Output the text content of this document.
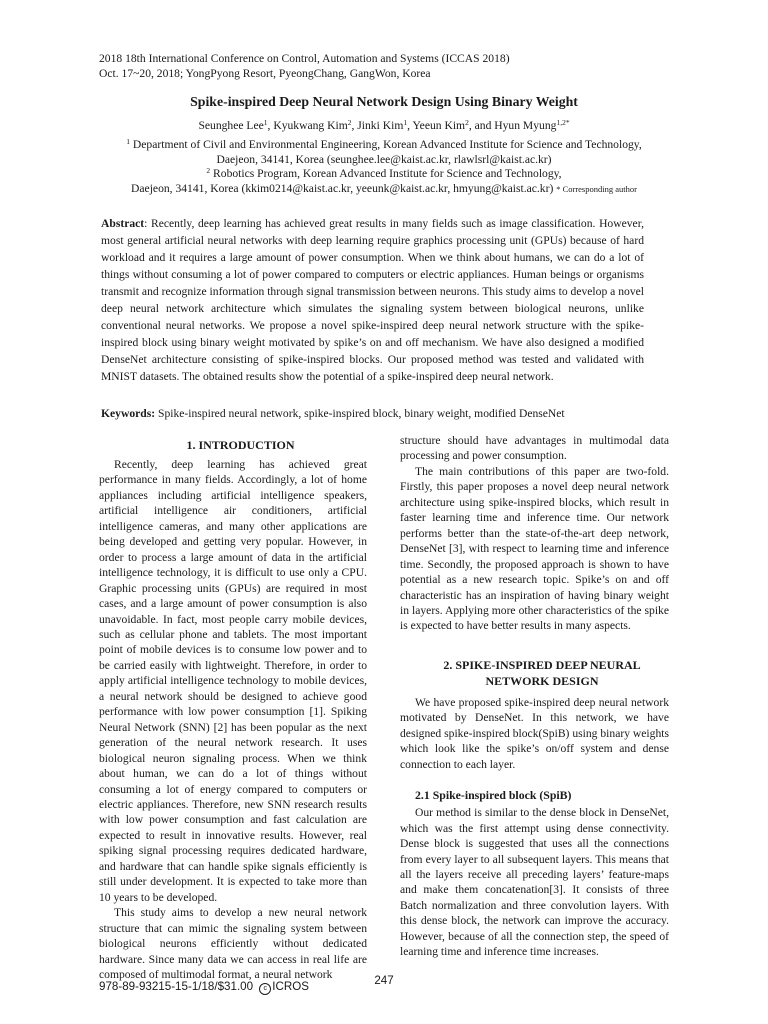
2018 18th International Conference on Control, Automation and Systems (ICCAS 2018)
Oct. 17~20, 2018; YongPyong Resort, PyeongChang, GangWon, Korea
Spike-inspired Deep Neural Network Design Using Binary Weight
Seunghee Lee$^1$, Kyukwang Kim$^2$, Jinki Kim$^1$, Yeeun Kim$^2$, and Hyun Myung$^{1,2*}$
$^1$ Department of Civil and Environmental Engineering, Korean Advanced Institute for Science and Technology,
Daejeon, 34141, Korea (seunghee.lee@kaist.ac.kr, rlawlsrl@kaist.ac.kr)
$^2$ Robotics Program, Korean Advanced Institute for Science and Technology,
Daejeon, 34141, Korea (kkim0214@kaist.ac.kr, yeeunk@kaist.ac.kr, hmyung@kaist.ac.kr) * Corresponding author
Abstract: Recently, deep learning has achieved great results in many fields such as image classification. However, most general artificial neural networks with deep learning require graphics processing unit (GPUs) because of hard workload and it requires a large amount of power consumption. When we think about humans, we can do a lot of things without consuming a lot of power compared to computers or electric appliances. Human beings or organisms transmit and recognize information through signal transmission between neurons. This study aims to develop a novel deep neural network architecture which simulates the signaling system between biological neurons, unlike conventional neural networks. We propose a novel spike-inspired deep neural network structure with the spike-inspired block using binary weight motivated by spike’s on and off mechanism. We have also designed a modified DenseNet architecture consisting of spike-inspired blocks. Our proposed method was tested and validated with MNIST datasets. The obtained results show the potential of a spike-inspired deep neural network.
Keywords: Spike-inspired neural network, spike-inspired block, binary weight, modified DenseNet

1. INTRODUCTION

Recently, deep learning has achieved great performance in many fields. Accordingly, a lot of home appliances including artificial intelligence speakers, artificial intelligence air conditioners, artificial intelligence cameras, and many other applications are being developed and getting very popular. However, in order to process a large amount of data in the artificial intelligence technology, it is difficult to use only a CPU. Graphic processing units (GPUs) are required in most cases, and a large amount of power consumption is also unavoidable. In fact, most people carry mobile devices, such as cellular phone and tablets. The most important point of mobile devices is to consume low power and to be carried easily with lightweight. Therefore, in order to apply artificial intelligence technology to mobile devices, a neural network should be designed to achieve good performance with low power consumption [1]. Spiking Neural Network (SNN) [2] has been popular as the next generation of the neural network research. It uses biological neuron signaling process. When we think about human, we can do a lot of things without consuming a lot of energy compared to computers or electric appliances. Therefore, new SNN research results with low power consumption and fast calculation are expected to result in innovative results. However, real spiking signal processing requires dedicated hardware, and hardware that can handle spike signals efficiently is still under development. It is expected to take more than 10 years to be developed.

This study aims to develop a new neural network structure that can mimic the signaling system between biological neurons efficiently without dedicated hardware. Since many data we can access in real life are composed of multimodal format, a neural network

structure should have advantages in multimodal data processing and power consumption.

The main contributions of this paper are two-fold. Firstly, this paper proposes a novel deep neural network architecture using spike-inspired blocks, which result in faster learning time and inference time. Our network performs better than the state-of-the-art deep network, DenseNet [3], with respect to learning time and inference time. Secondly, the proposed approach is shown to have potential as a new research topic. Spike’s on and off characteristic has an inspiration of having binary weight in layers. Applying more other characteristics of the spike is expected to have better results in many aspects.

2. SPIKE-INSPIRED DEEP NEURAL

NETWORK DESIGN

We have proposed spike-inspired deep neural network motivated by DenseNet. In this network, we have designed spike-inspired block(SpiB) using binary weights which look like the spike’s on/off system and dense connection to each layer.

2.1 Spike-inspired block (SpiB)

Our method is similar to the dense block in DenseNet, which was the first attempt using dense connectivity. Dense block is suggested that uses all the connections from every layer to all subsequent layers. This means that all the layers receive all preceding layers’ feature-maps and make them concatenation[3]. It consists of three Batch normalization and three convolution layers. With this dense block, the network can improve the accuracy. However, because of all the connection step, the speed of learning time and inference time increases.

978-89-93215-15-1/18/$31.00 c ICROS	247
